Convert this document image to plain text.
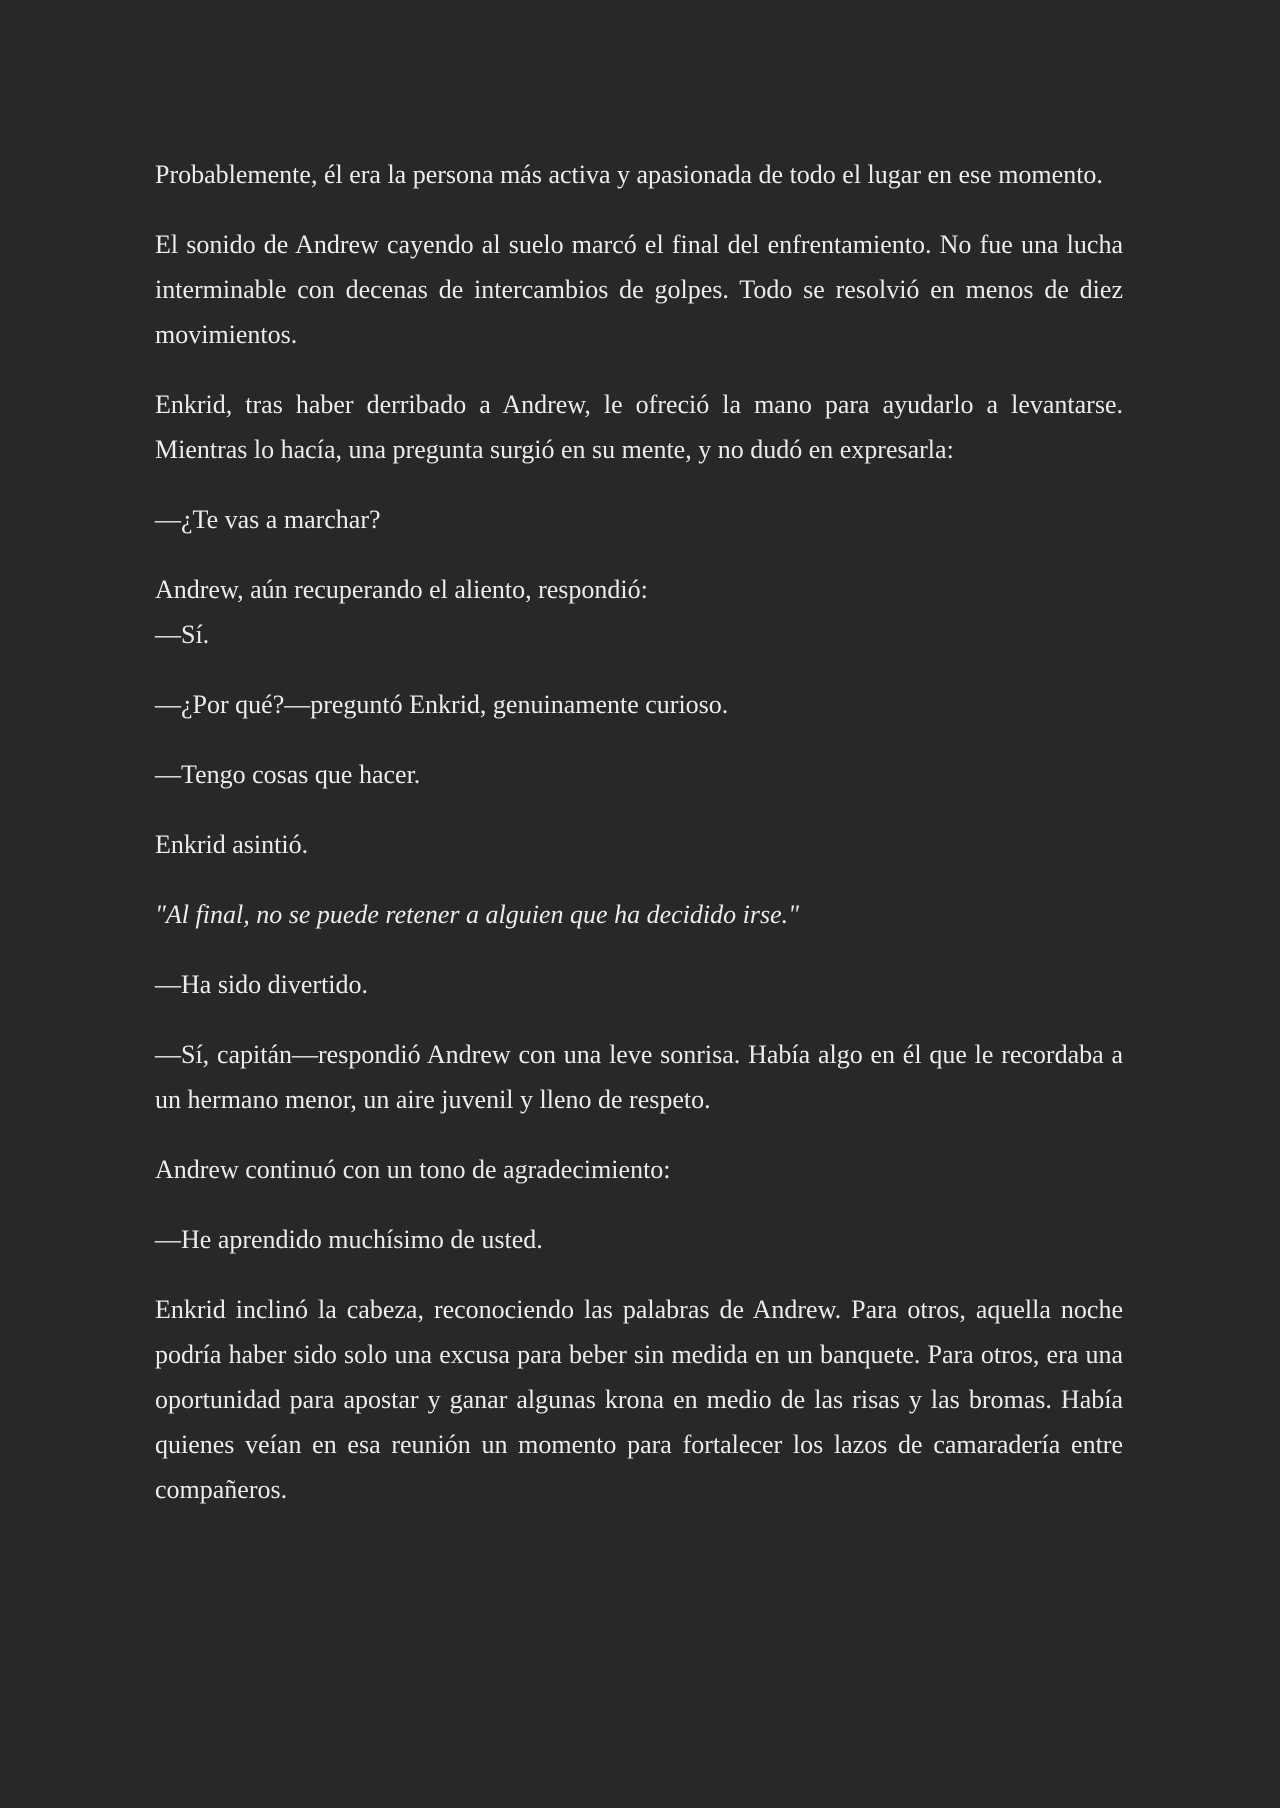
Probablemente, él era la persona más activa y apasionada de todo el lugar en ese momento.

El sonido de Andrew cayendo al suelo marcó el final del enfrentamiento. No fue una lucha interminable con decenas de intercambios de golpes. Todo se resolvió en menos de diez movimientos.

Enkrid, tras haber derribado a Andrew, le ofreció la mano para ayudarlo a levantarse. Mientras lo hacía, una pregunta surgió en su mente, y no dudó en expresarla:

—¿Te vas a marchar?

Andrew, aún recuperando el aliento, respondió:

—Sí.

—¿Por qué?—preguntó Enkrid, genuinamente curioso.

—Tengo cosas que hacer.

Enkrid asintió.

"Al final, no se puede retener a alguien que ha decidido irse."

—Ha sido divertido.

—Sí, capitán—respondió Andrew con una leve sonrisa. Había algo en él que le recordaba a un hermano menor, un aire juvenil y lleno de respeto.

Andrew continuó con un tono de agradecimiento:

—He aprendido muchísimo de usted.

Enkrid inclinó la cabeza, reconociendo las palabras de Andrew. Para otros, aquella noche podría haber sido solo una excusa para beber sin medida en un banquete. Para otros, era una oportunidad para apostar y ganar algunas krona en medio de las risas y las bromas. Había quienes veían en esa reunión un momento para fortalecer los lazos de camaradería entre compañeros.
